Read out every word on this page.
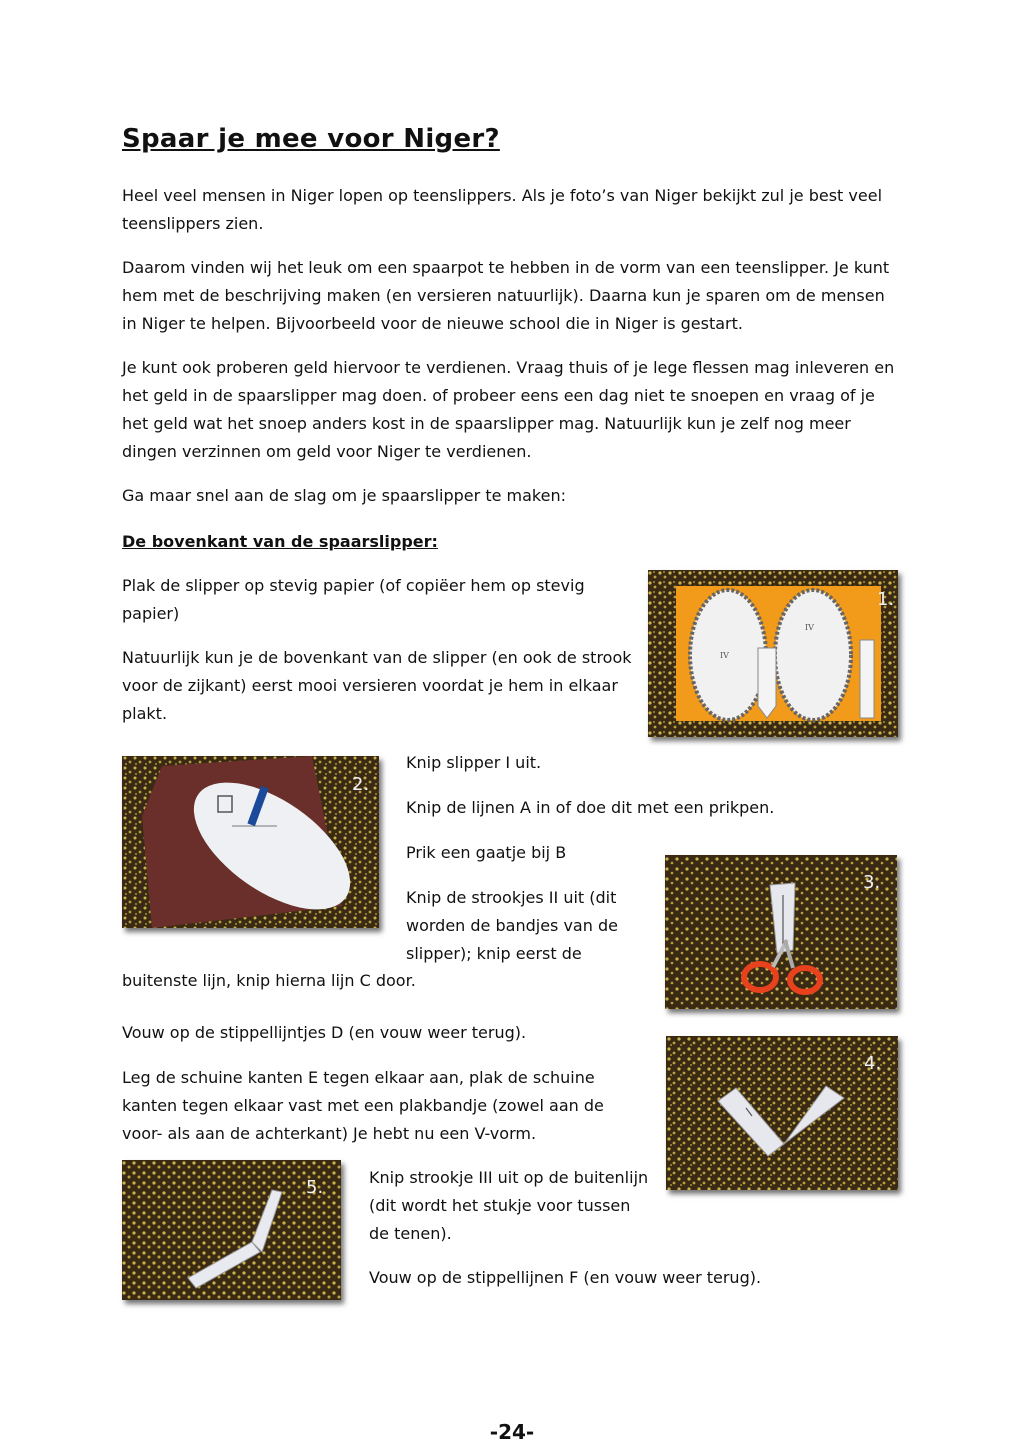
Spaar je mee voor Niger?
Heel veel mensen in Niger lopen op teenslippers. Als je foto’s van Niger bekijkt zul je best veel teenslippers zien.
Daarom vinden wij het leuk om een spaarpot te hebben in de vorm van een teenslipper. Je kunt hem met de beschrijving maken (en versieren natuurlijk). Daarna kun je sparen om de mensen in Niger te helpen. Bijvoorbeeld voor de nieuwe school die in Niger is gestart.
Je kunt ook proberen geld hiervoor te verdienen. Vraag thuis of je lege flessen mag inleveren en het geld in de spaarslipper mag doen. of probeer eens een dag niet te snoepen en vraag of je het geld wat het snoep anders kost in de spaarslipper mag. Natuurlijk kun je zelf nog meer dingen verzinnen om geld voor Niger te verdienen.
Ga maar snel aan de slag om je spaarslipper te maken:
De bovenkant van de spaarslipper:
Plak de slipper op stevig papier (of copiëer hem op stevig papier)
Natuurlijk kun je de bovenkant van de slipper (en ook de strook voor de zijkant) eerst mooi versieren voordat je hem in elkaar plakt.
Knip slipper I uit.
Knip de lijnen A in of doe dit met een prikpen.
Prik een gaatje bij B
Knip de strookjes II uit (dit
worden de bandjes van de
slipper); knip eerst de
buitenste lijn, knip hierna lijn C door.
Vouw op de stippellijntjes D (en vouw weer terug).
Leg de schuine kanten E tegen elkaar aan, plak de schuine kanten tegen elkaar vast met een plakbandje (zowel aan de voor- als aan de achterkant) Je hebt nu een V-vorm.
Knip strookje III uit op de buitenlijn (dit wordt het stukje voor tussen de tenen).
Vouw op de stippellijnen F (en vouw weer terug).
IV
IV
1.
2.
3.
4.
5.
-24-
